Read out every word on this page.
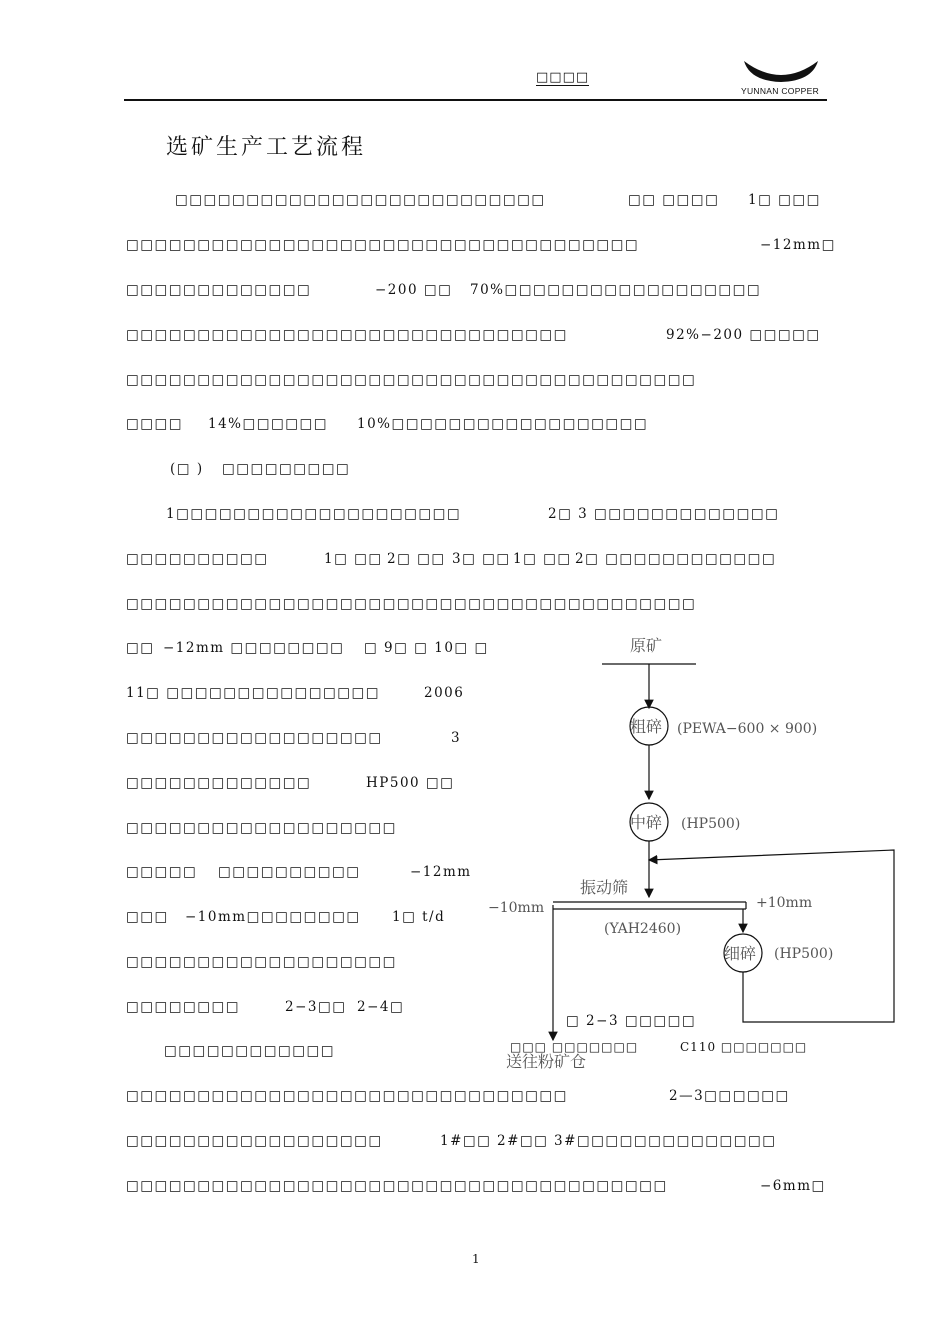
□□□□
YUNNAN COPPER
选矿生产工艺流程
□□□□□□□□□□□□□□□□□□□□□□□□□□	□□ □□□□ 1□ □□□
□□□□□□□□□□□□□□□□□□□□□□□□□□□□□□□□□□□□	−12mm□
□□□□□□□□□□□□□	−200 □□ 70%□□□□□□□□□□□□□□□□□□
□□□□□□□□□□□□□□□□□□□□□□□□□□□□□□□	92%−200 □□□□□
□□□□□□□□□□□□□□□□□□□□□□□□□□□□□□□□□□□□□□□□
□□□□ 14%□□□□□□ 10%□□□□□□□□□□□□□□□□□□
(□ ) □□□□□□□□□
1□□□□□□□□□□□□□□□□□□□□	2□ 3 □□□□□□□□□□□□□
□□□□□□□□□□	1□ □□ 2□ □□ 3□ □□ 1□ □□ 2□ □□□□□□□□□□□□
□□□□□□□□□□□□□□□□□□□□□□□□□□□□□□□□□□□□□□□□
□□ −12mm □□□□□□□□ □ 9□ □ 10□ □
11□ □□□□□□□□□□□□□□□	2006
□□□□□□□□□□□□□□□□□□	3
□□□□□□□□□□□□□	HP500 □□
□□□□□□□□□□□□□□□□□□□
□□□□□ □□□□□□□□□□	−12mm
□□□ −10mm□□□□□□□□ 1□ t/d
□□□□□□□□□□□□□□□□□□□
□□□□□□□□	2−3□□ 2−4□
□□□□□□□□□□□□
□□□□□□□□□□□□□□□□□□□□□□□□□□□□□□□	2—3□□□□□□
□□□□□□□□□□□□□□□□□□	1#□□ 2#□□ 3#□□□□□□□□□□□□□□
□□□□□□□□□□□□□□□□□□□□□□□□□□□□□□□□□□□□□□	−6mm□
原矿
粗碎 (PEWA−600 × 900)
中碎 (HP500)
振动筛
−10mm	+10mm
(YAH2460)
细碎 (HP500)
送往粉矿仓
□ 2−3 □□□□□
□□□ □□□□□□□	C110 □□□□□□□
1
